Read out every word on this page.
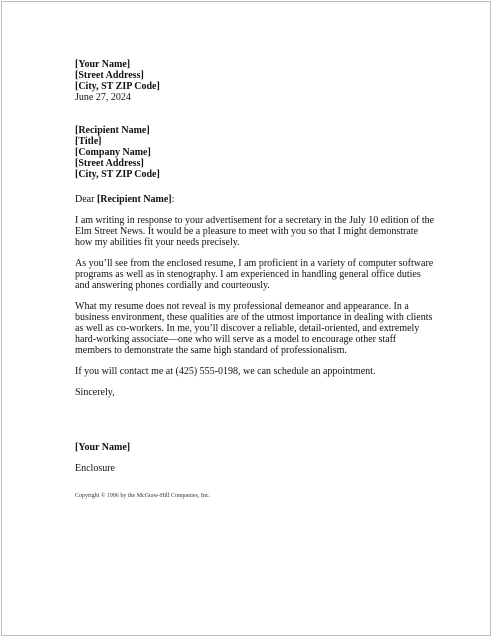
[Your Name]
[Street Address]
[City, ST ZIP Code]
June 27, 2024
[Recipient Name]
[Title]
[Company Name]
[Street Address]
[City, ST ZIP Code]
Dear [Recipient Name]:
I am writing in response to your advertisement for a secretary in the July 10 edition of the
Elm Street News. It would be a pleasure to meet with you so that I might demonstrate
how my abilities fit your needs precisely.
As you’ll see from the enclosed resume, I am proficient in a variety of computer software
programs as well as in stenography. I am experienced in handling general office duties
and answering phones cordially and courteously.
What my resume does not reveal is my professional demeanor and appearance. In a
business environment, these qualities are of the utmost importance in dealing with clients
as well as co-workers. In me, you’ll discover a reliable, detail-oriented, and extremely
hard-working associate—one who will serve as a model to encourage other staff
members to demonstrate the same high standard of professionalism.
If you will contact me at (425) 555-0198, we can schedule an appointment.
Sincerely,
[Your Name]
Enclosure
Copyright © 1996 by the McGraw-Hill Companies, Inc.
